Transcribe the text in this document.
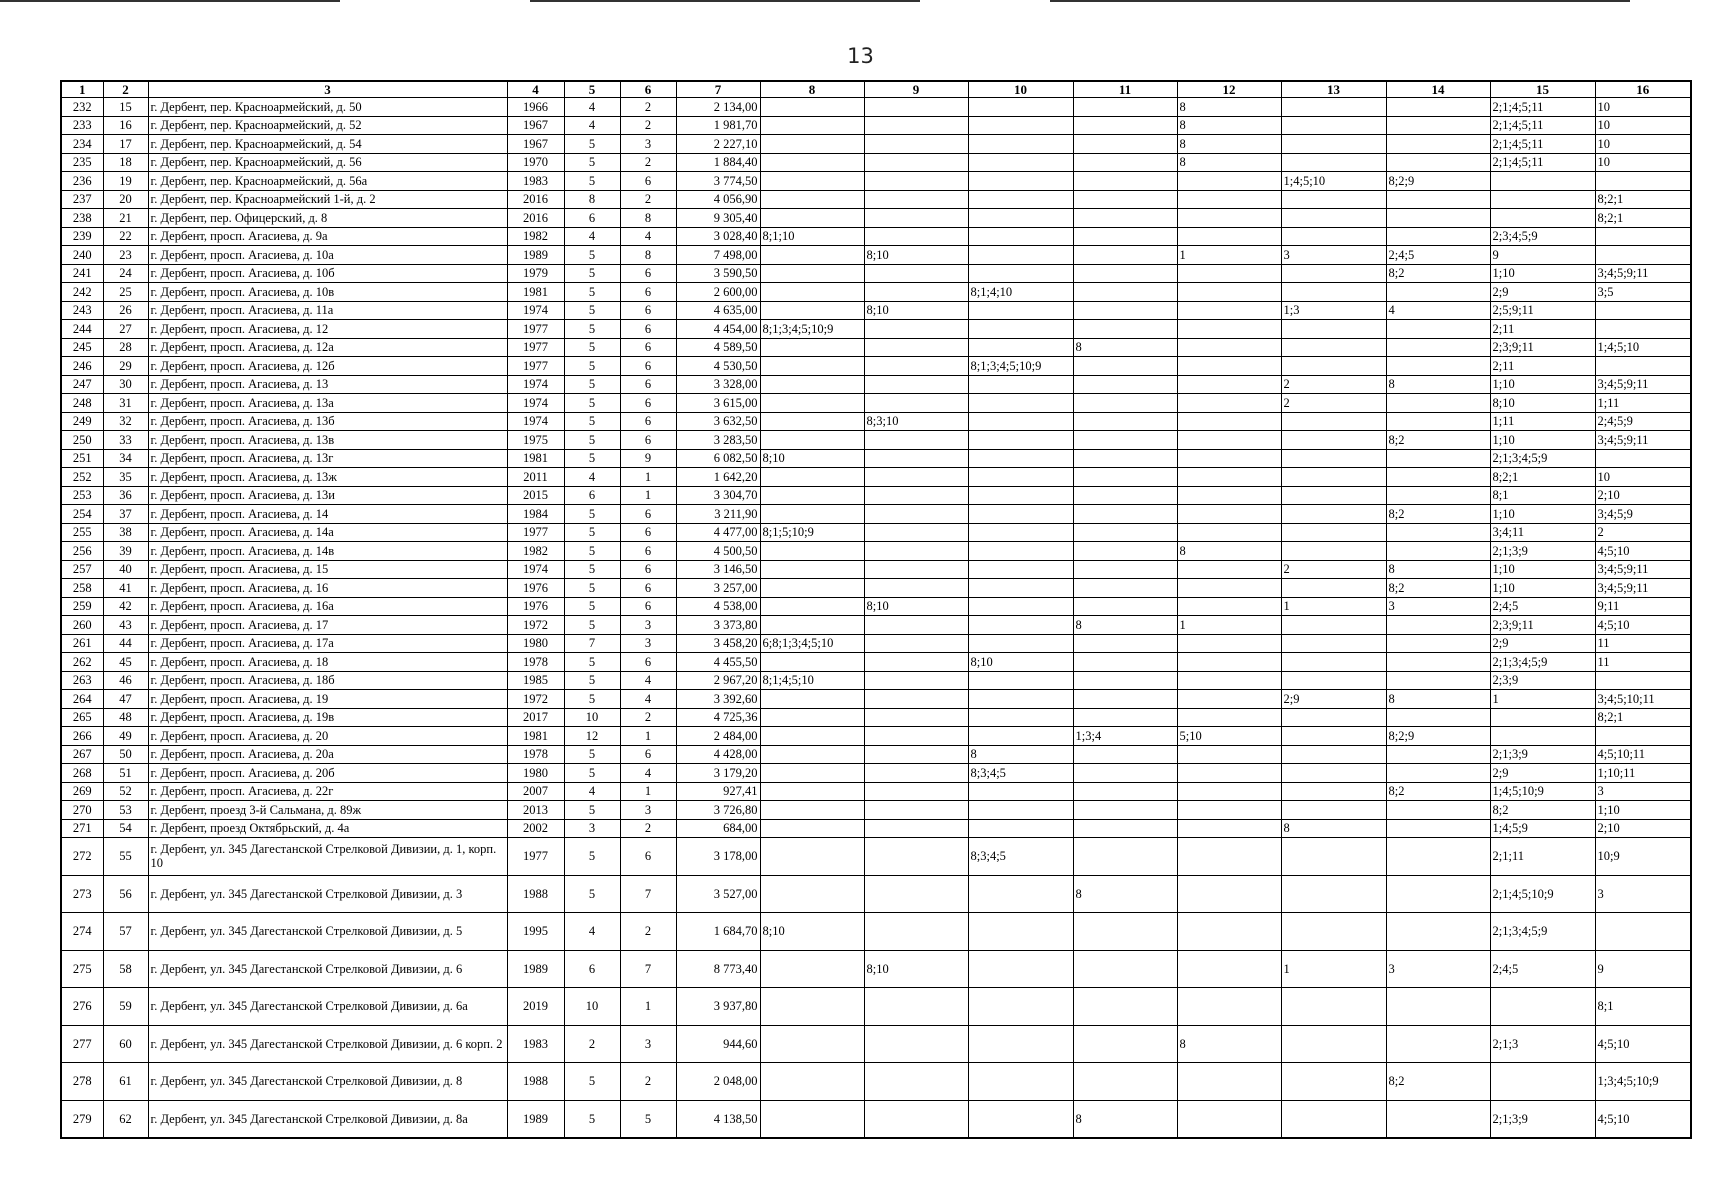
13
1	2	3	4	5	6	7	8	9	10	11	12	13	14	15	16
232	15	г. Дербент, пер. Красноармейский, д. 50	1966	4	2	2 134,00					8			2;1;4;5;11	10
233	16	г. Дербент, пер. Красноармейский, д. 52	1967	4	2	1 981,70					8			2;1;4;5;11	10
234	17	г. Дербент, пер. Красноармейский, д. 54	1967	5	3	2 227,10					8			2;1;4;5;11	10
235	18	г. Дербент, пер. Красноармейский, д. 56	1970	5	2	1 884,40					8			2;1;4;5;11	10
236	19	г. Дербент, пер. Красноармейский, д. 56а	1983	5	6	3 774,50						1;4;5;10	8;2;9		
237	20	г. Дербент, пер. Красноармейский 1-й, д. 2	2016	8	2	4 056,90									8;2;1
238	21	г. Дербент, пер. Офицерский, д. 8	2016	6	8	9 305,40									8;2;1
239	22	г. Дербент, просп. Агасиева, д. 9а	1982	4	4	3 028,40	8;1;10							2;3;4;5;9	
240	23	г. Дербент, просп. Агасиева, д. 10а	1989	5	8	7 498,00		8;10			1	3	2;4;5	9	
241	24	г. Дербент, просп. Агасиева, д. 10б	1979	5	6	3 590,50							8;2	1;10	3;4;5;9;11
242	25	г. Дербент, просп. Агасиева, д. 10в	1981	5	6	2 600,00			8;1;4;10					2;9	3;5
243	26	г. Дербент, просп. Агасиева, д. 11а	1974	5	6	4 635,00		8;10				1;3	4	2;5;9;11	
244	27	г. Дербент, просп. Агасиева, д. 12	1977	5	6	4 454,00	8;1;3;4;5;10;9							2;11	
245	28	г. Дербент, просп. Агасиева, д. 12а	1977	5	6	4 589,50				8				2;3;9;11	1;4;5;10
246	29	г. Дербент, просп. Агасиева, д. 12б	1977	5	6	4 530,50			8;1;3;4;5;10;9					2;11	
247	30	г. Дербент, просп. Агасиева, д. 13	1974	5	6	3 328,00						2	8	1;10	3;4;5;9;11
248	31	г. Дербент, просп. Агасиева, д. 13а	1974	5	6	3 615,00						2		8;10	1;11
249	32	г. Дербент, просп. Агасиева, д. 13б	1974	5	6	3 632,50		8;3;10						1;11	2;4;5;9
250	33	г. Дербент, просп. Агасиева, д. 13в	1975	5	6	3 283,50							8;2	1;10	3;4;5;9;11
251	34	г. Дербент, просп. Агасиева, д. 13г	1981	5	9	6 082,50	8;10							2;1;3;4;5;9	
252	35	г. Дербент, просп. Агасиева, д. 13ж	2011	4	1	1 642,20								8;2;1	10
253	36	г. Дербент, просп. Агасиева, д. 13и	2015	6	1	3 304,70								8;1	2;10
254	37	г. Дербент, просп. Агасиева, д. 14	1984	5	6	3 211,90							8;2	1;10	3;4;5;9
255	38	г. Дербент, просп. Агасиева, д. 14а	1977	5	6	4 477,00	8;1;5;10;9							3;4;11	2
256	39	г. Дербент, просп. Агасиева, д. 14в	1982	5	6	4 500,50					8			2;1;3;9	4;5;10
257	40	г. Дербент, просп. Агасиева, д. 15	1974	5	6	3 146,50						2	8	1;10	3;4;5;9;11
258	41	г. Дербент, просп. Агасиева, д. 16	1976	5	6	3 257,00							8;2	1;10	3;4;5;9;11
259	42	г. Дербент, просп. Агасиева, д. 16а	1976	5	6	4 538,00		8;10				1	3	2;4;5	9;11
260	43	г. Дербент, просп. Агасиева, д. 17	1972	5	3	3 373,80				8	1			2;3;9;11	4;5;10
261	44	г. Дербент, просп. Агасиева, д. 17а	1980	7	3	3 458,20	6;8;1;3;4;5;10							2;9	11
262	45	г. Дербент, просп. Агасиева, д. 18	1978	5	6	4 455,50			8;10					2;1;3;4;5;9	11
263	46	г. Дербент, просп. Агасиева, д. 18б	1985	5	4	2 967,20	8;1;4;5;10							2;3;9	
264	47	г. Дербент, просп. Агасиева, д. 19	1972	5	4	3 392,60						2;9	8	1	3;4;5;10;11
265	48	г. Дербент, просп. Агасиева, д. 19в	2017	10	2	4 725,36									8;2;1
266	49	г. Дербент, просп. Агасиева, д. 20	1981	12	1	2 484,00				1;3;4	5;10		8;2;9		
267	50	г. Дербент, просп. Агасиева, д. 20а	1978	5	6	4 428,00			8					2;1;3;9	4;5;10;11
268	51	г. Дербент, просп. Агасиева, д. 20б	1980	5	4	3 179,20			8;3;4;5					2;9	1;10;11
269	52	г. Дербент, просп. Агасиева, д. 22г	2007	4	1	927,41							8;2	1;4;5;10;9	3
270	53	г. Дербент, проезд 3-й Сальмана, д. 89ж	2013	5	3	3 726,80								8;2	1;10
271	54	г. Дербент, проезд Октябрьский, д. 4а	2002	3	2	684,00						8		1;4;5;9	2;10
272	55	г. Дербент, ул. 345 Дагестанской Стрелковой Дивизии, д. 1, корп. 10	1977	5	6	3 178,00			8;3;4;5					2;1;11	10;9
273	56	г. Дербент, ул. 345 Дагестанской Стрелковой Дивизии, д. 3	1988	5	7	3 527,00				8				2;1;4;5;10;9	3
274	57	г. Дербент, ул. 345 Дагестанской Стрелковой Дивизии, д. 5	1995	4	2	1 684,70	8;10							2;1;3;4;5;9	
275	58	г. Дербент, ул. 345 Дагестанской Стрелковой Дивизии, д. 6	1989	6	7	8 773,40		8;10				1	3	2;4;5	9
276	59	г. Дербент, ул. 345 Дагестанской Стрелковой Дивизии, д. 6а	2019	10	1	3 937,80									8;1
277	60	г. Дербент, ул. 345 Дагестанской Стрелковой Дивизии, д. 6 корп. 2	1983	2	3	944,60					8			2;1;3	4;5;10
278	61	г. Дербент, ул. 345 Дагестанской Стрелковой Дивизии, д. 8	1988	5	2	2 048,00							8;2		1;3;4;5;10;9
279	62	г. Дербент, ул. 345 Дагестанской Стрелковой Дивизии, д. 8а	1989	5	5	4 138,50				8				2;1;3;9	4;5;10
